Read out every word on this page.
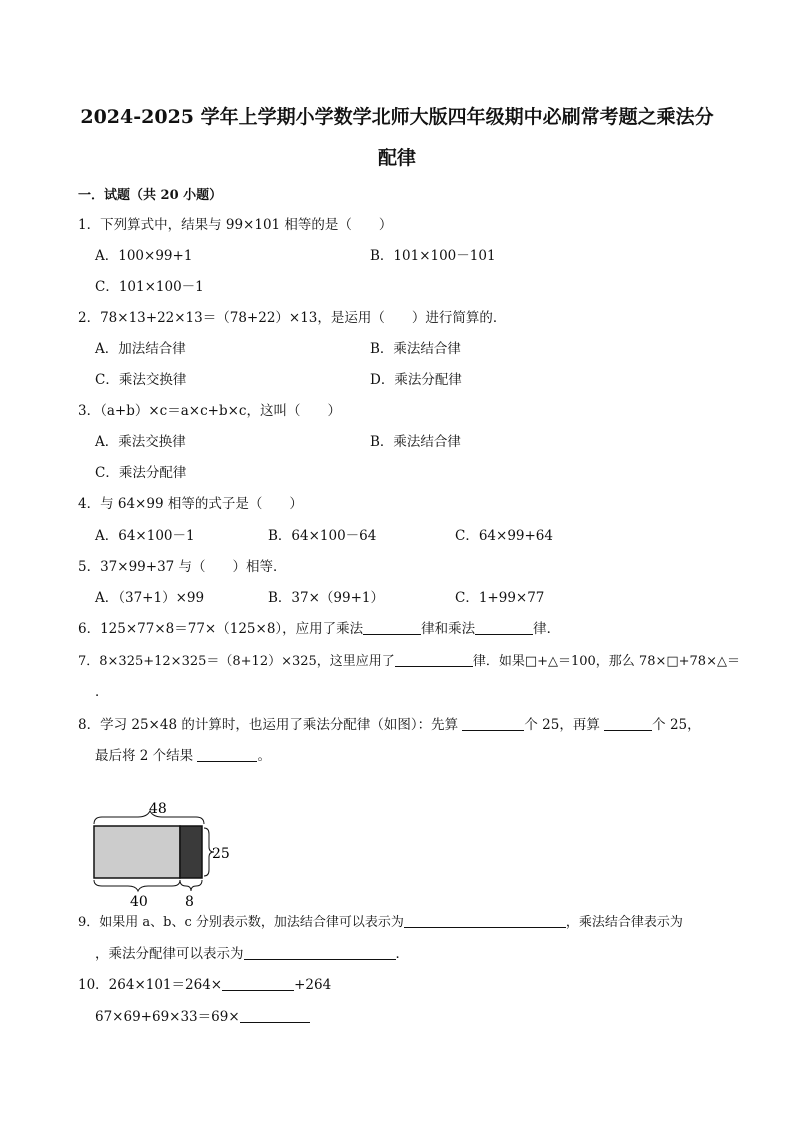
2024-2025 学年上学期小学数学北师大版四年级期中必刷常考题之乘法分
配律
一．试题（共 20 小题）
1．下列算式中，结果与 99×101 相等的是（　　）
A．100×99+1	B．101×100－101
C．101×100－1
2．78×13+22×13＝（78+22）×13，是运用（　　）进行简算的．
A．加法结合律	B．乘法结合律
C．乘法交换律	D．乘法分配律
3．（a+b）×c＝a×c+b×c，这叫（　　）
A．乘法交换律	B．乘法结合律
C．乘法分配律
4．与 64×99 相等的式子是（　　）
A．64×100－1	B．64×100－64	C．64×99+64
5．37×99+37 与（　　）相等．
A．（37+1）×99	B．37×（99+1）	C．1+99×77
6．125×77×8＝77×（125×8），应用了乘法	律和乘法	律．
7．8×325+12×325＝（8+12）×325，这里应用了	律．如果□+△＝100，那么 78×□+78×△＝
．
8．学习 25×48 的计算时，也运用了乘法分配律（如图）：先算	个 25，再算	个 25，
最后将 2 个结果	。
48
25
40	8
9．如果用 a、b、c 分别表示数，加法结合律可以表示为	，乘法结合律表示为
，乘法分配律可以表示为	．
10．264×101＝264×	+264
67×69+69×33＝69×
